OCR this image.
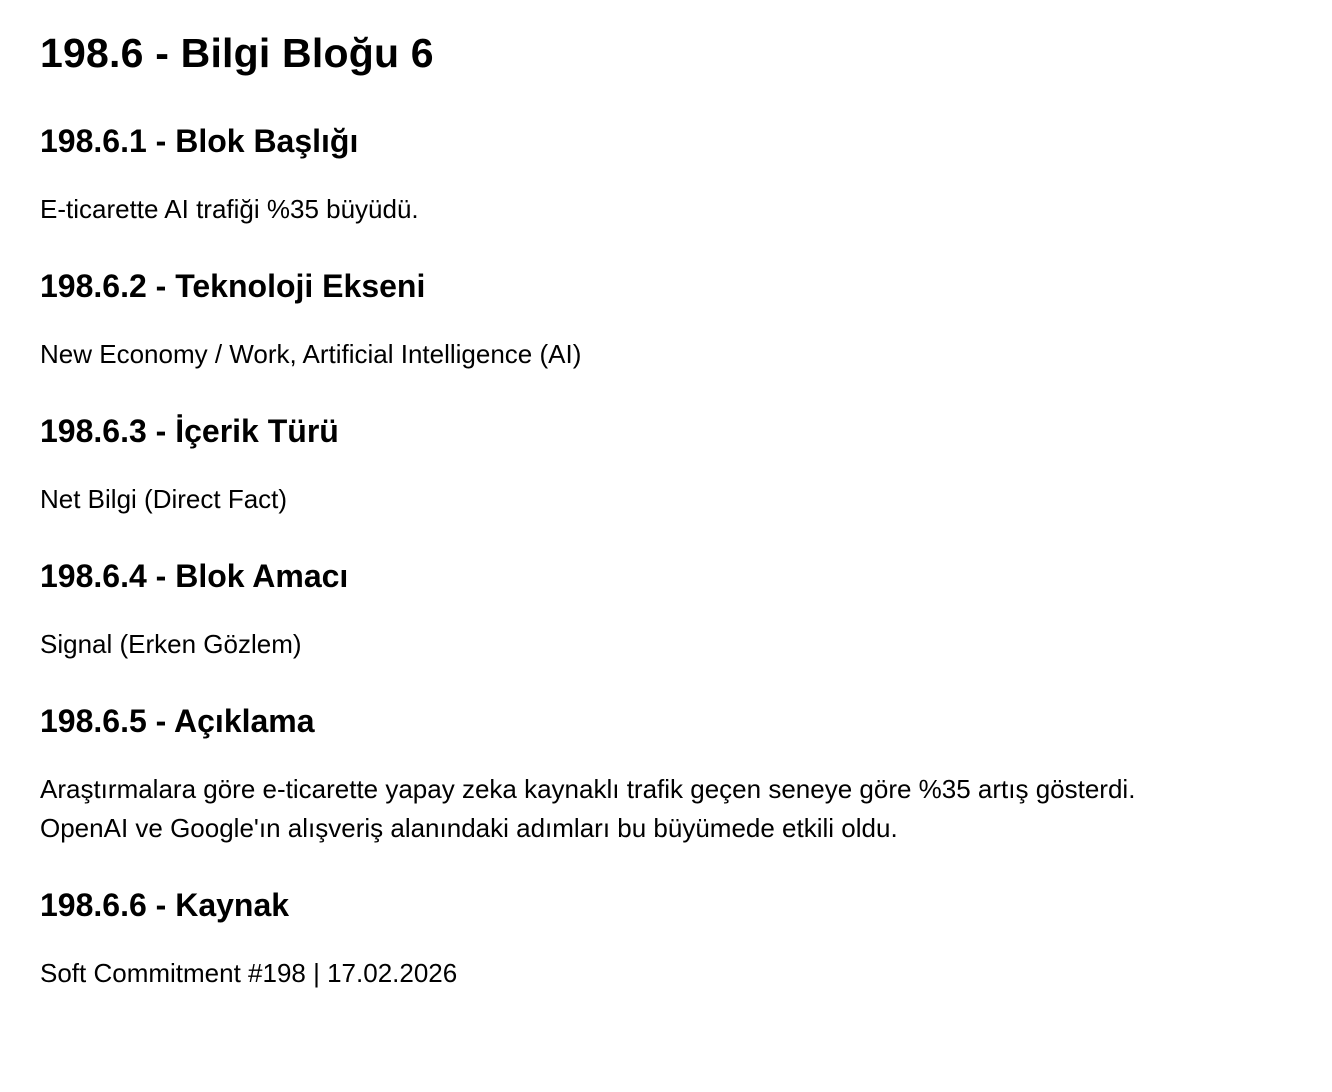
198.6 - Bilgi Bloğu 6
198.6.1 - Blok Başlığı

E-ticarette AI trafiği %35 büyüdü.

198.6.2 - Teknoloji Ekseni

New Economy / Work, Artificial Intelligence (AI)

198.6.3 - İçerik Türü

Net Bilgi (Direct Fact)

198.6.4 - Blok Amacı

Signal (Erken Gözlem)

198.6.5 - Açıklama

Araştırmalara göre e-ticarette yapay zeka kaynaklı trafik geçen seneye göre %35 artış gösterdi.
OpenAI ve Google'ın alışveriş alanındaki adımları bu büyümede etkili oldu.

198.6.6 - Kaynak

Soft Commitment #198 | 17.02.2026
